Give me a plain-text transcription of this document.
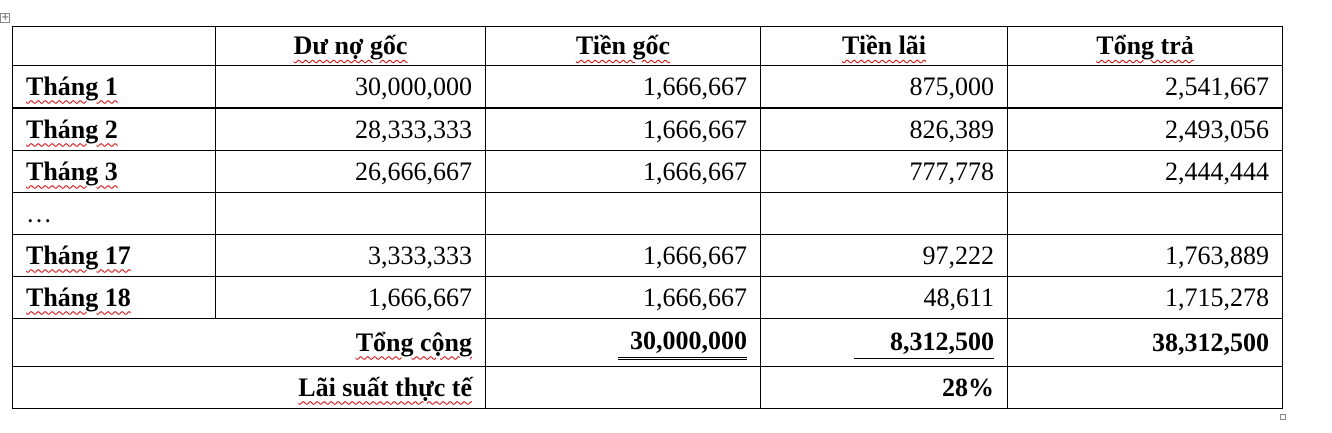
+
	Dư nợ gốc	Tiền gốc	Tiền lãi	Tổng trả
Tháng 1	30,000,000	1,666,667	875,000	2,541,667
Tháng 2	28,333,333	1,666,667	826,389	2,493,056
Tháng 3	26,666,667	1,666,667	777,778	2,444,444
…				
Tháng 17	3,333,333	1,666,667	97,222	1,763,889
Tháng 18	1,666,667	1,666,667	48,611	1,715,278
Tổng cộng		30,000,000	8,312,500	38,312,500
Lãi suất thực tế			28%	
